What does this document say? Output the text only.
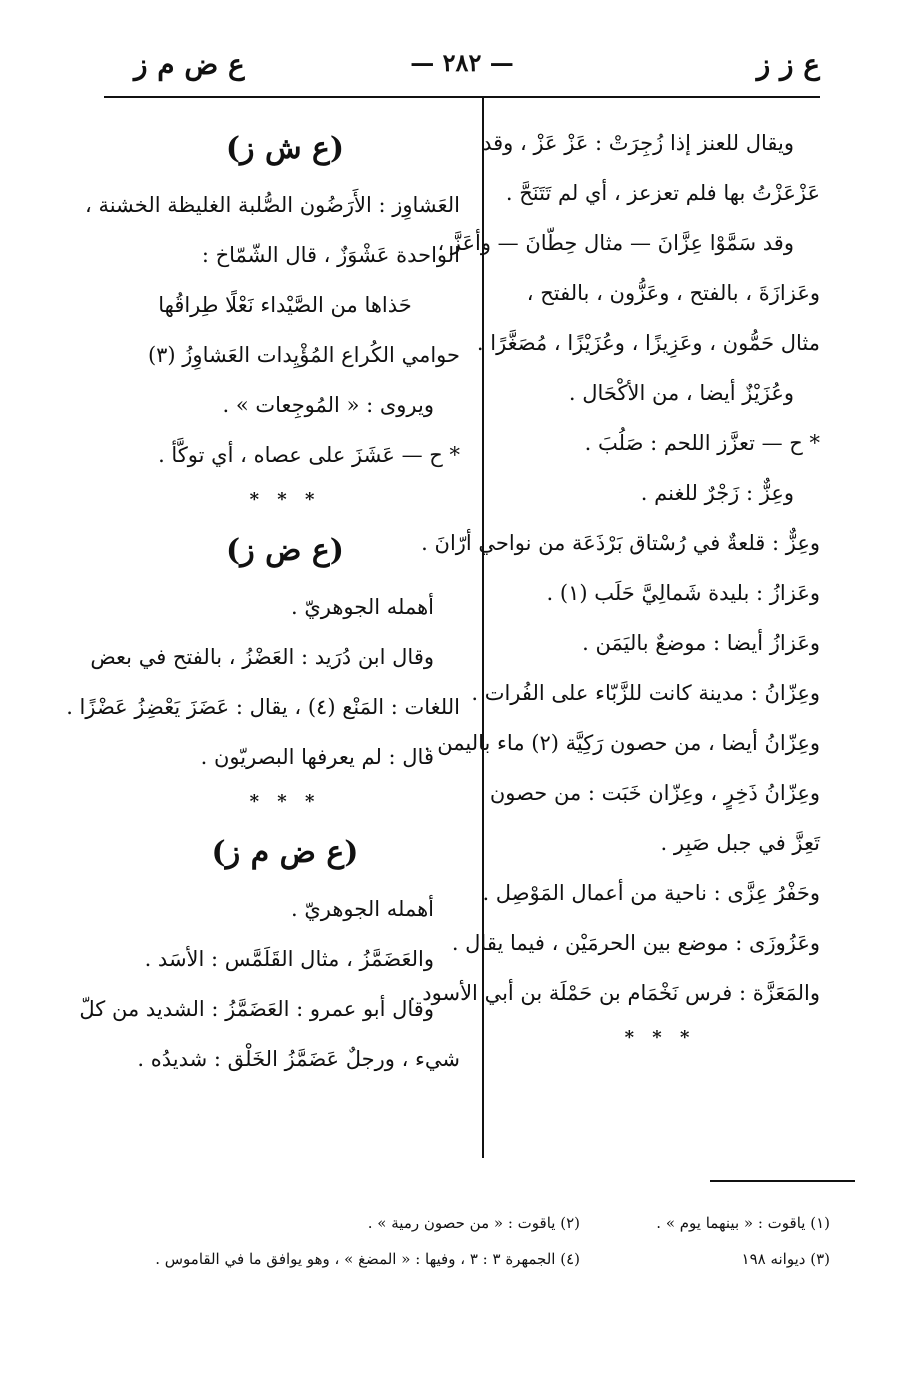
ع ز ز
— ٢٨٢ —
ع ض م ز

ويقال للعنز إذا زُجِرَتْ : عَزْ عَزْ ، وقد

عَزْعَزْتُ بها فلم تعزعز ، أي لم تَتَنَحَّ .

وقد سَمَّوْا عِزَّانَ — مثال حِطّانَ — وأعَزَّ ،

وعَزازَةَ ، بالفتح ، وعَزُّون ، بالفتح ،

مثال حَمُّون ، وعَزِيزًا ، وعُزَيْزًا ، مُصَغَّرًا .

وعُزَيْزٌ أيضا ، من الأكْحَال .

* ح — تعزَّز اللحم : صَلُبَ .

وعِزٌّ : زَجْرٌ للغنم .

وعِزٌّ : قلعةٌ في رُسْتاق بَرْذَعَة من نواحي أرّانَ .

وعَزازُ : بليدة شَمالِيَّ حَلَب (١) .

وعَزازُ أيضا : موضعٌ باليَمَن .

وعِزّانُ : مدينة كانت للزَّبّاء على الفُرات .

وعِزّانُ أيضا ، من حصون رَكِيَّة (٢) ماء باليمن .

وعِزّانُ ذَخِرٍ ، وعِزّان خَبَت : من حصون

تَعِزَّ في جبل صَبِر .

وحَفْرُ عِزَّى : ناحية من أعمال المَوْصِل .

وعَزُوزَى : موضع بين الحرمَيْن ، فيما يقال .

والمَعَزَّة : فرس نَخْمَام بن حَمْلَة بن أبي الأسود .

* * *

(ع ش ز)

العَشاوِز : الأَرَضُون الصُّلبة الغليظة الخشنة ،

الواحدة عَشْوَزٌ ، قال الشّمّاخ :

حَذاها من الصَّيْداء نَعْلًا طِراقُها

حوامي الكُراع المُؤْيِدات العَشاوِزُ (٣)

ويروى : « المُوجِعات » .

* ح — عَشَزَ على عصاه ، أي توكَّأ .

* * *

(ع ض ز)

أهمله الجوهريّ .

وقال ابن دُرَيد : العَضْزُ ، بالفتح في بعض

اللغات : المَنْع (٤) ، يقال : عَضَزَ يَعْضِزُ عَضْزًا .

قال : لم يعرفها البصريّون .

* * *

(ع ض م ز)

أهمله الجوهريّ .

والعَضَمَّزُ ، مثال القَلَمَّس : الأسَد .

وقال أبو عمرو : العَضَمَّزُ : الشديد من كلّ

شيء ، ورجلٌ عَضَمَّزُ الخَلْق : شديدُه .

(١) ياقوت : « بينهما يوم » .
(٢) ياقوت : « من حصون رمية » .
(٣) ديوانه ١٩٨
(٤) الجمهرة ٣ : ٣ ، وفيها : « المضغ » ، وهو يوافق ما في القاموس .
